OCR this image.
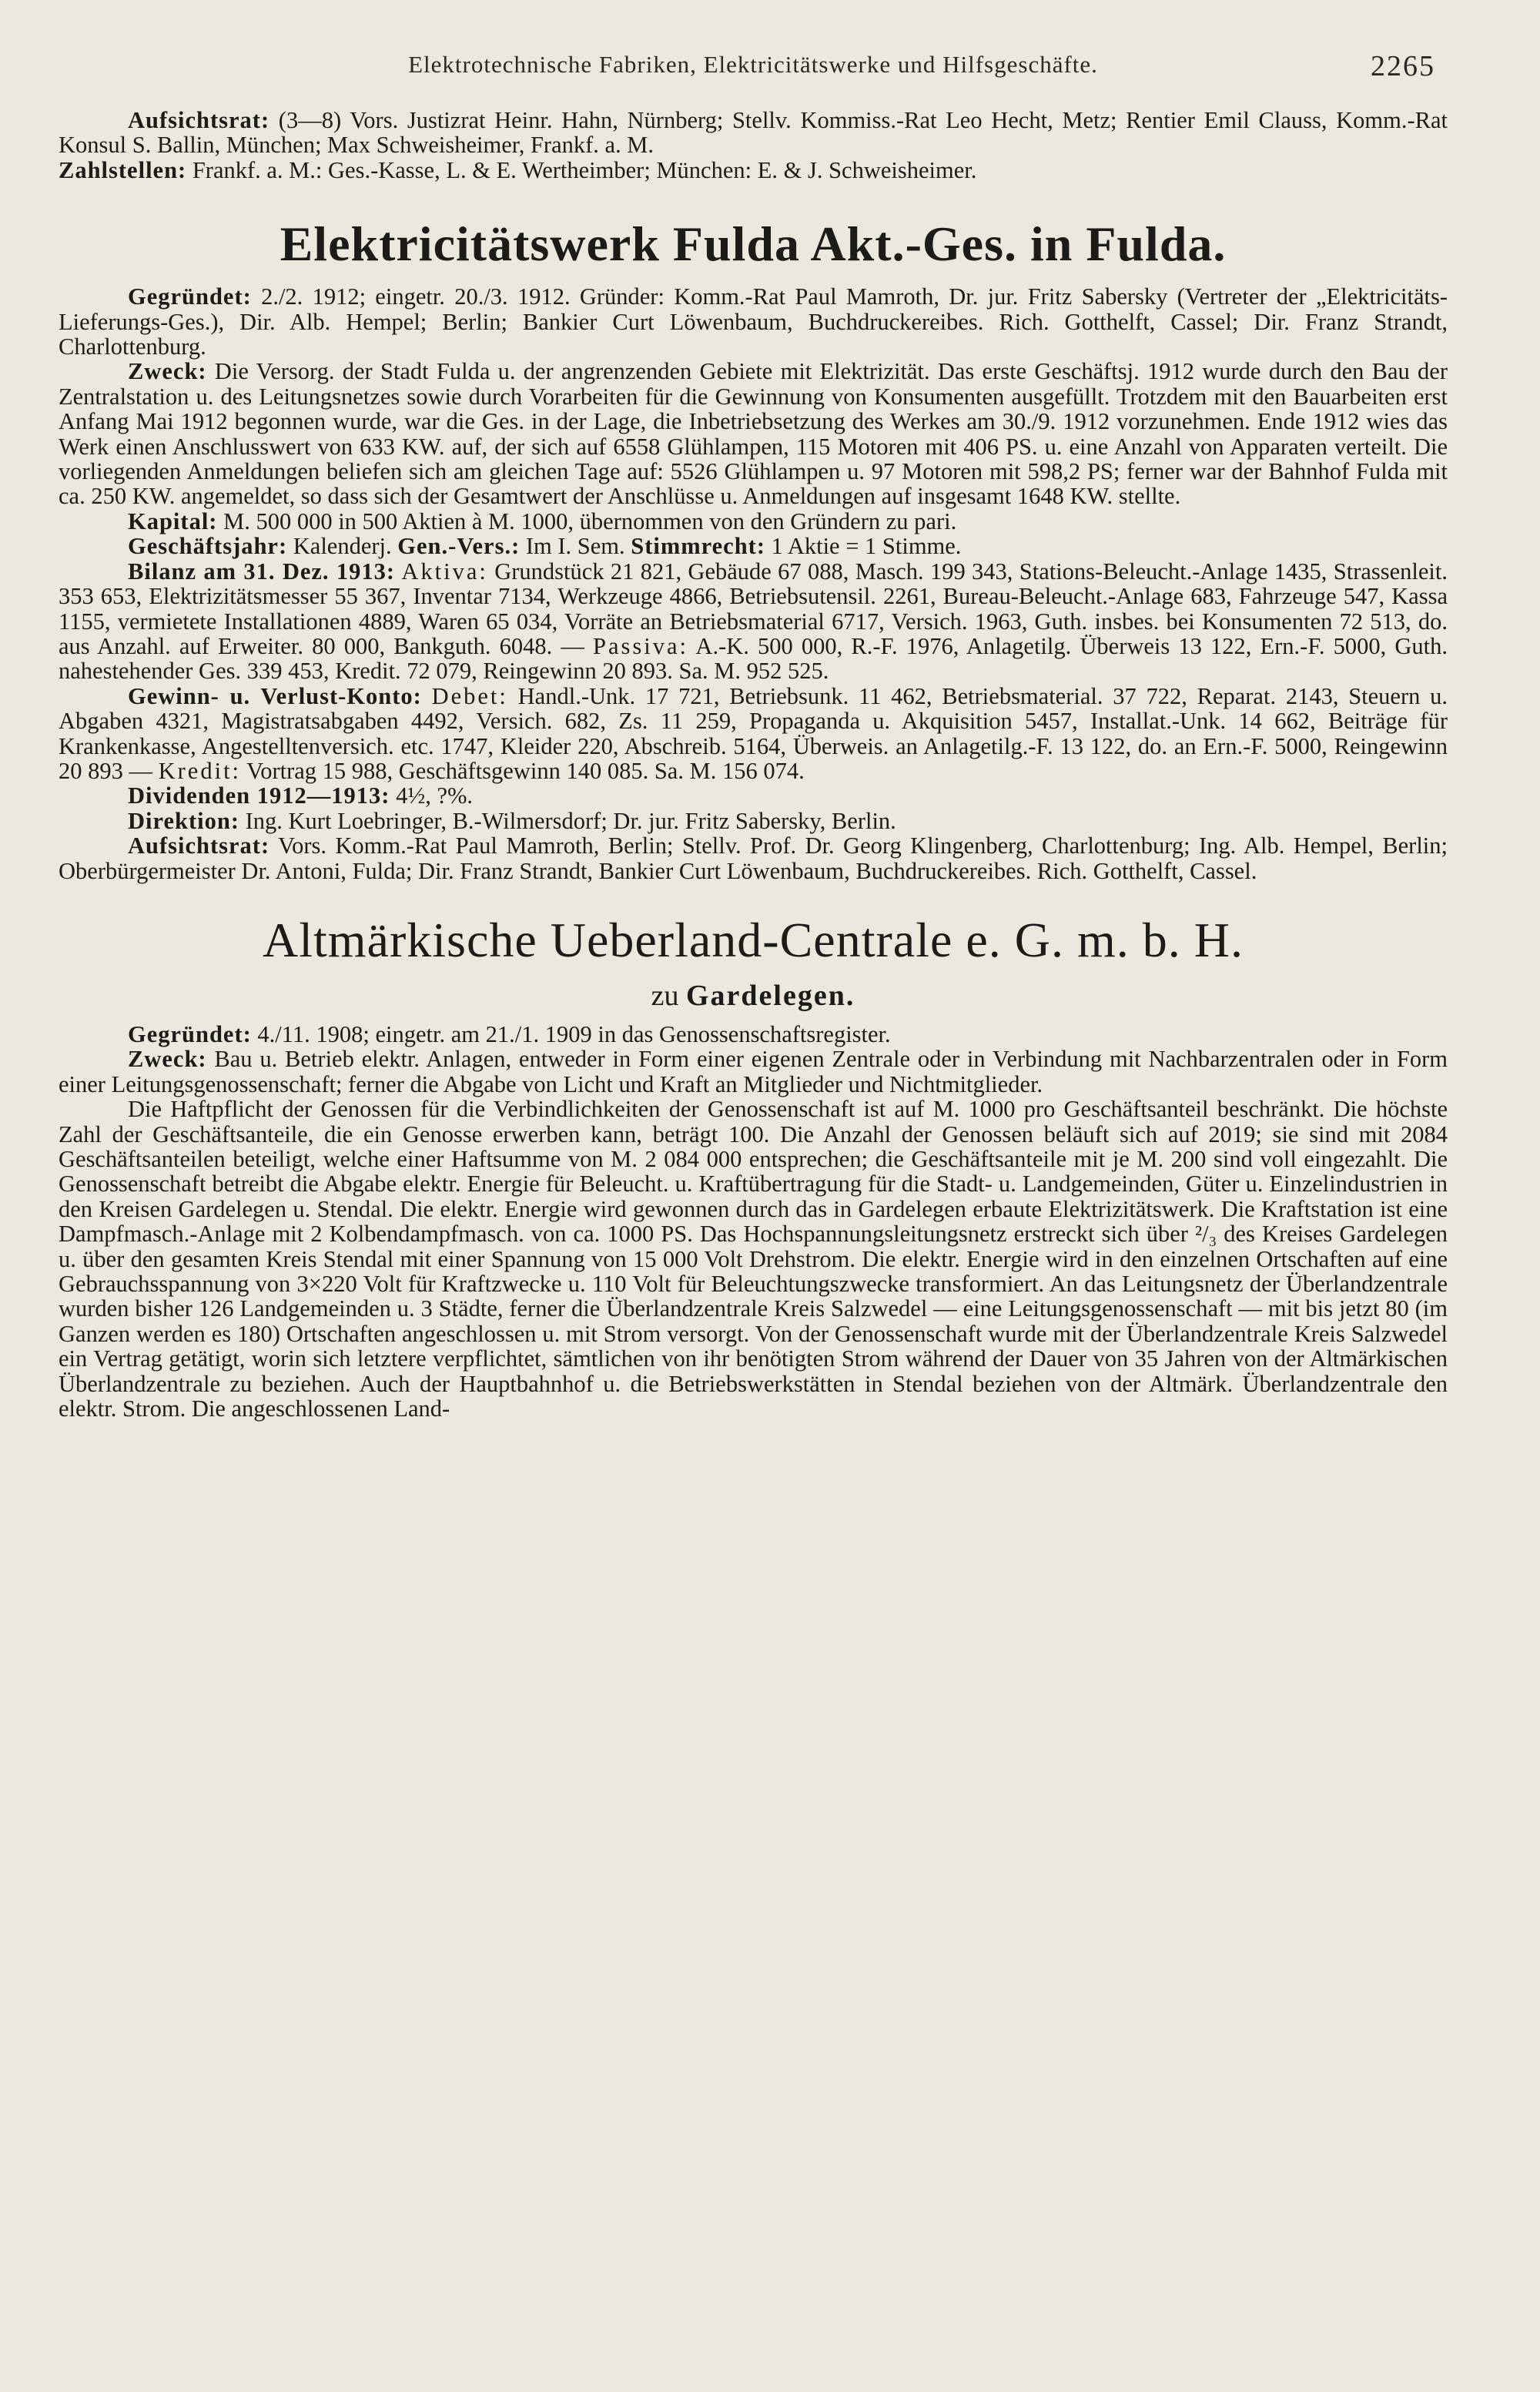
Elektrotechnische Fabriken, Elektricitätswerke und Hilfsgeschäfte.	2265

Aufsichtsrat: (3—8) Vors. Justizrat Heinr. Hahn, Nürnberg; Stellv. Kommiss.-Rat Leo Hecht, Metz; Rentier Emil Clauss, Komm.-Rat Konsul S. Ballin, München; Max Schweisheimer, Frankf. a. M.

Zahlstellen: Frankf. a. M.: Ges.-Kasse, L. & E. Wertheimber; München: E. & J. Schweisheimer.

Elektricitätswerk Fulda Akt.-Ges. in Fulda.

Gegründet: 2./2. 1912; eingetr. 20./3. 1912. Gründer: Komm.-Rat Paul Mamroth, Dr. jur. Fritz Sabersky (Vertreter der „Elektricitäts-Lieferungs-Ges.), Dir. Alb. Hempel; Berlin; Bankier Curt Löwenbaum, Buchdruckereibes. Rich. Gotthelft, Cassel; Dir. Franz Strandt, Charlottenburg.

Zweck: Die Versorg. der Stadt Fulda u. der angrenzenden Gebiete mit Elektrizität. Das erste Geschäftsj. 1912 wurde durch den Bau der Zentralstation u. des Leitungsnetzes sowie durch Vorarbeiten für die Gewinnung von Konsumenten ausgefüllt. Trotzdem mit den Bauarbeiten erst Anfang Mai 1912 begonnen wurde, war die Ges. in der Lage, die Inbetriebsetzung des Werkes am 30./9. 1912 vorzunehmen. Ende 1912 wies das Werk einen Anschlusswert von 633 KW. auf, der sich auf 6558 Glühlampen, 115 Motoren mit 406 PS. u. eine Anzahl von Apparaten verteilt. Die vorliegenden Anmeldungen beliefen sich am gleichen Tage auf: 5526 Glühlampen u. 97 Motoren mit 598,2 PS; ferner war der Bahnhof Fulda mit ca. 250 KW. angemeldet, so dass sich der Gesamtwert der Anschlüsse u. Anmeldungen auf insgesamt 1648 KW. stellte.

Kapital: M. 500 000 in 500 Aktien à M. 1000, übernommen von den Gründern zu pari.

Geschäftsjahr: Kalenderj. Gen.-Vers.: Im I. Sem. Stimmrecht: 1 Aktie = 1 Stimme.

Bilanz am 31. Dez. 1913: Aktiva: Grundstück 21 821, Gebäude 67 088, Masch. 199 343, Stations-Beleucht.-Anlage 1435, Strassenleit. 353 653, Elektrizitätsmesser 55 367, Inventar 7134, Werkzeuge 4866, Betriebsutensil. 2261, Bureau-Beleucht.-Anlage 683, Fahrzeuge 547, Kassa 1155, vermietete Installationen 4889, Waren 65 034, Vorräte an Betriebsmaterial 6717, Versich. 1963, Guth. insbes. bei Konsumenten 72 513, do. aus Anzahl. auf Erweiter. 80 000, Bankguth. 6048. — Passiva: A.-K. 500 000, R.-F. 1976, Anlagetilg. Überweis 13 122, Ern.-F. 5000, Guth. nahestehender Ges. 339 453, Kredit. 72 079, Reingewinn 20 893. Sa. M. 952 525.

Gewinn- u. Verlust-Konto: Debet: Handl.-Unk. 17 721, Betriebsunk. 11 462, Betriebsmaterial. 37 722, Reparat. 2143, Steuern u. Abgaben 4321, Magistratsabgaben 4492, Versich. 682, Zs. 11 259, Propaganda u. Akquisition 5457, Installat.-Unk. 14 662, Beiträge für Krankenkasse, Angestelltenversich. etc. 1747, Kleider 220, Abschreib. 5164, Überweis. an Anlagetilg.-F. 13 122, do. an Ern.-F. 5000, Reingewinn 20 893 — Kredit: Vortrag 15 988, Geschäftsgewinn 140 085. Sa. M. 156 074.

Dividenden 1912—1913: 4½, ?%.

Direktion: Ing. Kurt Loebringer, B.-Wilmersdorf; Dr. jur. Fritz Sabersky, Berlin.

Aufsichtsrat: Vors. Komm.-Rat Paul Mamroth, Berlin; Stellv. Prof. Dr. Georg Klingenberg, Charlottenburg; Ing. Alb. Hempel, Berlin; Oberbürgermeister Dr. Antoni, Fulda; Dir. Franz Strandt, Bankier Curt Löwenbaum, Buchdruckereibes. Rich. Gotthelft, Cassel.

Altmärkische Ueberland-Centrale e. G. m. b. H.
zu Gardelegen.

Gegründet: 4./11. 1908; eingetr. am 21./1. 1909 in das Genossenschaftsregister.

Zweck: Bau u. Betrieb elektr. Anlagen, entweder in Form einer eigenen Zentrale oder in Verbindung mit Nachbarzentralen oder in Form einer Leitungsgenossenschaft; ferner die Abgabe von Licht und Kraft an Mitglieder und Nichtmitglieder.

Die Haftpflicht der Genossen für die Verbindlichkeiten der Genossenschaft ist auf M. 1000 pro Geschäftsanteil beschränkt. Die höchste Zahl der Geschäftsanteile, die ein Genosse erwerben kann, beträgt 100. Die Anzahl der Genossen beläuft sich auf 2019; sie sind mit 2084 Geschäftsanteilen beteiligt, welche einer Haftsumme von M. 2 084 000 entsprechen; die Geschäftsanteile mit je M. 200 sind voll eingezahlt. Die Genossenschaft betreibt die Abgabe elektr. Energie für Beleucht. u. Kraftübertragung für die Stadt- u. Landgemeinden, Güter u. Einzelindustrien in den Kreisen Gardelegen u. Stendal. Die elektr. Energie wird gewonnen durch das in Gardelegen erbaute Elektrizitätswerk. Die Kraftstation ist eine Dampfmasch.-Anlage mit 2 Kolbendampfmasch. von ca. 1000 PS. Das Hochspannungsleitungsnetz erstreckt sich über ²/₃ des Kreises Gardelegen u. über den gesamten Kreis Stendal mit einer Spannung von 15 000 Volt Drehstrom. Die elektr. Energie wird in den einzelnen Ortschaften auf eine Gebrauchsspannung von 3×220 Volt für Kraftzwecke u. 110 Volt für Beleuchtungszwecke transformiert. An das Leitungsnetz der Überlandzentrale wurden bisher 126 Landgemeinden u. 3 Städte, ferner die Überlandzentrale Kreis Salzwedel — eine Leitungsgenossenschaft — mit bis jetzt 80 (im Ganzen werden es 180) Ortschaften angeschlossen u. mit Strom versorgt. Von der Genossenschaft wurde mit der Überlandzentrale Kreis Salzwedel ein Vertrag getätigt, worin sich letztere verpflichtet, sämtlichen von ihr benötigten Strom während der Dauer von 35 Jahren von der Altmärkischen Überlandzentrale zu beziehen. Auch der Hauptbahnhof u. die Betriebswerkstätten in Stendal beziehen von der Altmärk. Überlandzentrale den elektr. Strom. Die angeschlossenen Land-
